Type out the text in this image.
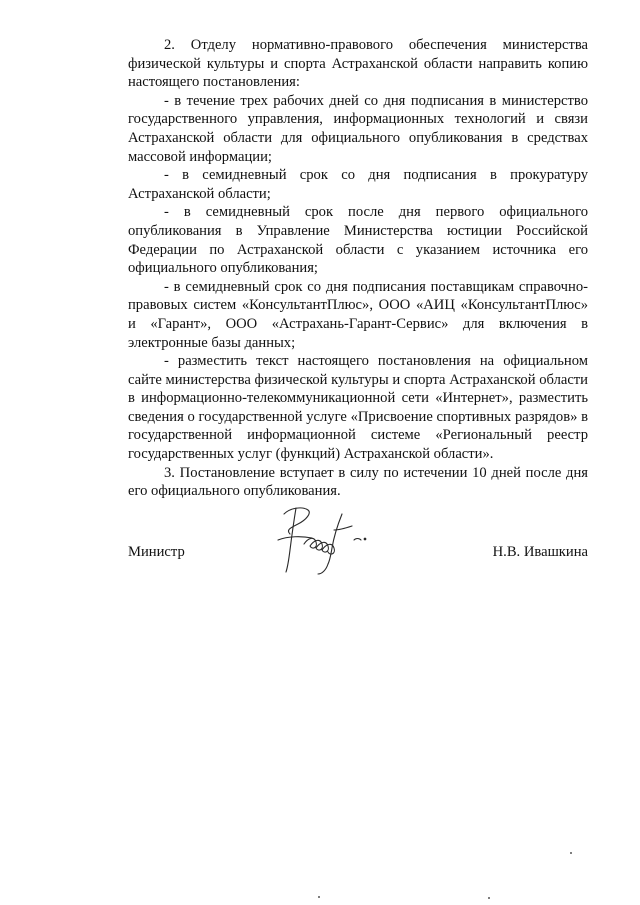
2. Отделу нормативно-правового обеспечения министерства физической культуры и спорта Астраханской области направить копию настоящего постановления:

- в течение трех рабочих дней со дня подписания в министерство государственного управления, информационных технологий и связи Астраханской области для официального опубликования в средствах массовой информации;

- в семидневный срок со дня подписания в прокуратуру Астраханской области;

- в семидневный срок после дня первого официального опубликования в Управление Министерства юстиции Российской Федерации по Астраханской области с указанием источника его официального опубликования;

- в семидневный срок со дня подписания поставщикам справочно-правовых систем «КонсультантПлюс», ООО «АИЦ «КонсультантПлюс» и «Гарант», ООО «Астрахань-Гарант-Сервис» для включения в электронные базы данных;

- разместить текст настоящего постановления на официальном сайте министерства физической культуры и спорта Астраханской области в информационно-телекоммуникационной сети «Интернет», разместить сведения о государственной услуге «Присвоение спортивных разрядов» в государственной информационной системе «Региональный реестр государственных услуг (функций) Астраханской области».

3. Постановление вступает в силу по истечении 10 дней после дня его официального опубликования.

Министр	Н.В. Ивашкина
